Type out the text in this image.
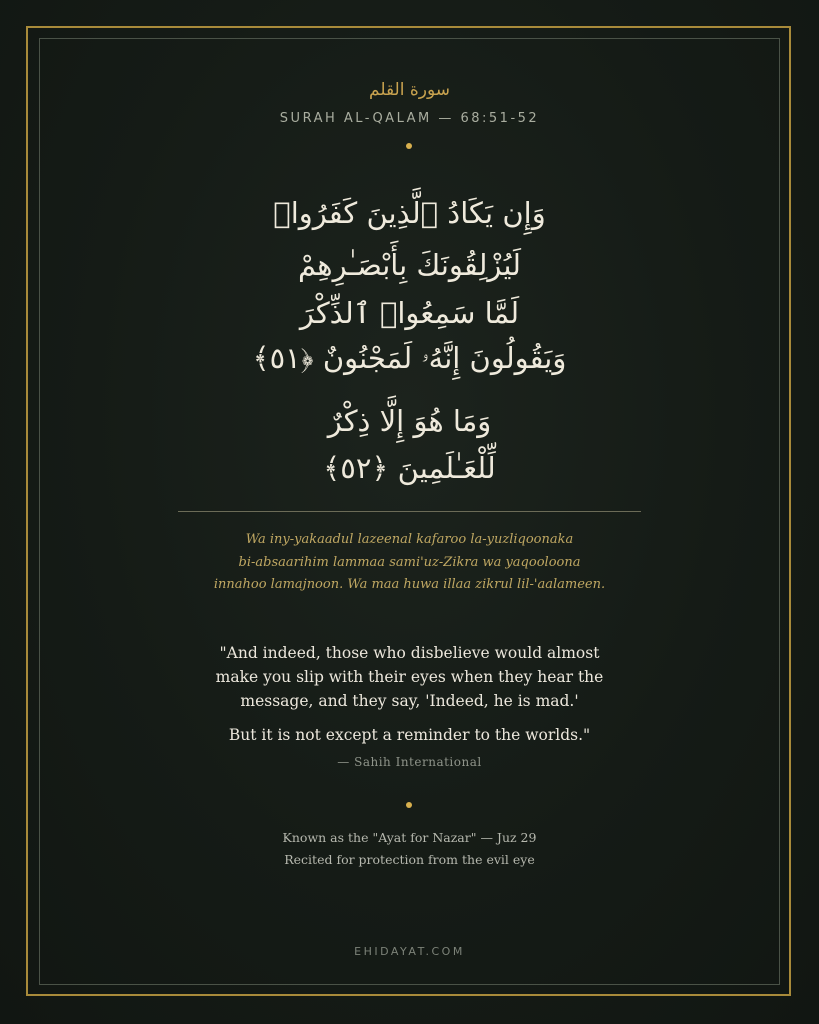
سورة القلم
SURAH AL-QALAM — 68:51-52
وَإِن يَكَادُ ٱلَّذِينَ كَفَرُوا۟
لَيُزْلِقُونَكَ بِأَبْصَـٰرِهِمْ
لَمَّا سَمِعُوا۟ ٱلذِّكْرَ
وَيَقُولُونَ إِنَّهُۥ لَمَجْنُونٌ ﴿٥١﴾
وَمَا هُوَ إِلَّا ذِكْرٌ
لِّلْعَـٰلَمِينَ ﴿٥٢﴾
Wa iny-yakaadul lazeenal kafaroo la-yuzliqoonaka
bi-absaarihim lammaa sami'uz-Zikra wa yaqooloona
innahoo lamajnoon. Wa maa huwa illaa zikrul lil-'aalameen.
"And indeed, those who disbelieve would almost
make you slip with their eyes when they hear the
message, and they say, 'Indeed, he is mad.'
But it is not except a reminder to the worlds."
— Sahih International
Known as the "Ayat for Nazar" — Juz 29
Recited for protection from the evil eye
EHIDAYAT.COM
